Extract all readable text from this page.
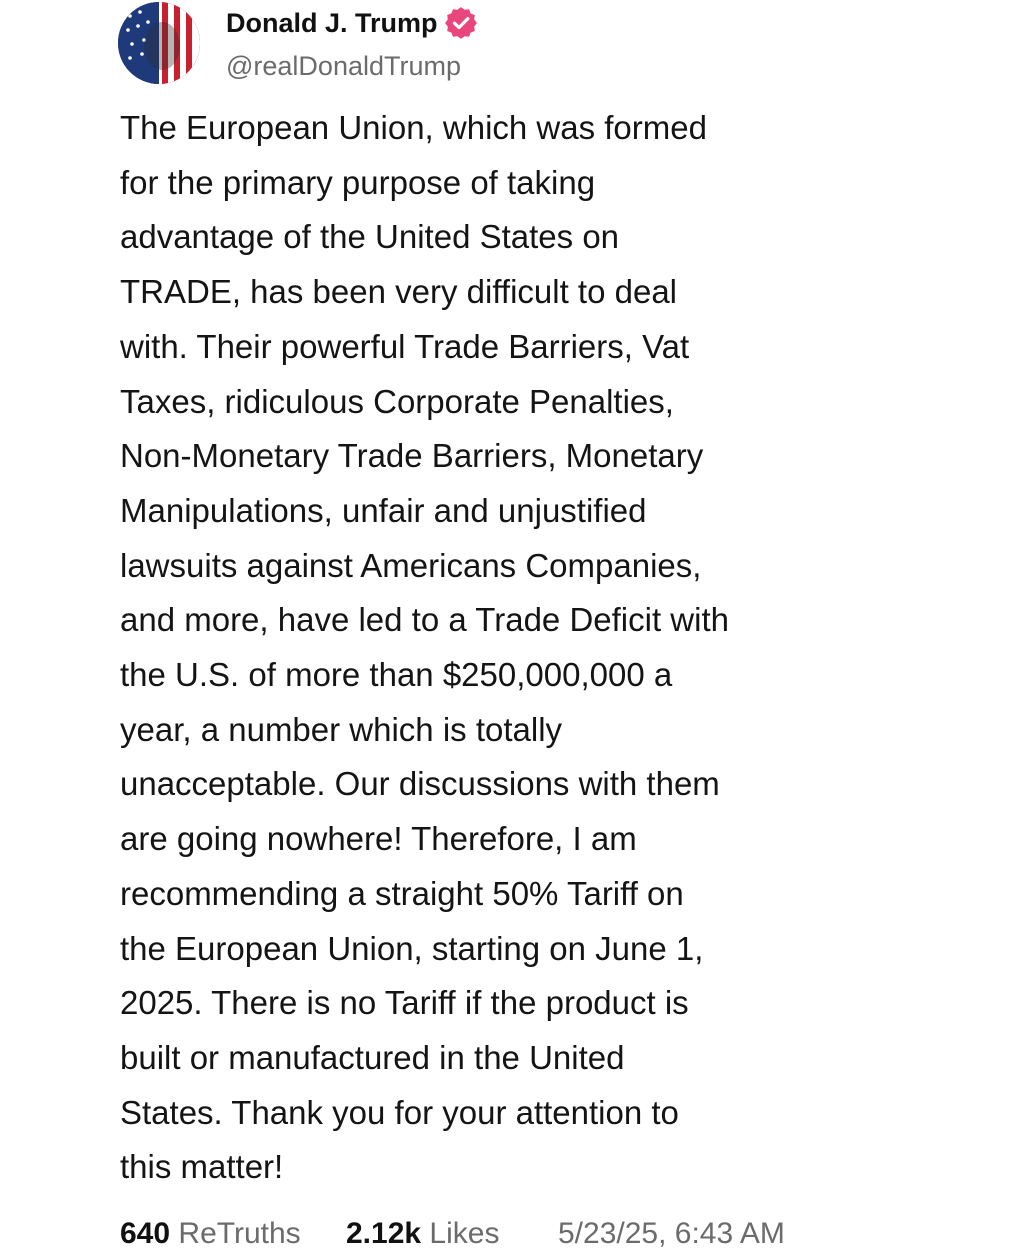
Donald J. Trump
@realDonaldTrump
The European Union, which was formed
for the primary purpose of taking
advantage of the United States on
TRADE, has been very difficult to deal
with. Their powerful Trade Barriers, Vat
Taxes, ridiculous Corporate Penalties,
Non-Monetary Trade Barriers, Monetary
Manipulations, unfair and unjustified
lawsuits against Americans Companies,
and more, have led to a Trade Deficit with
the U.S. of more than $250,000,000 a
year, a number which is totally
unacceptable. Our discussions with them
are going nowhere! Therefore, I am
recommending a straight 50% Tariff on
the European Union, starting on June 1,
2025. There is no Tariff if the product is
built or manufactured in the United
States. Thank you for your attention to
this matter!
640 ReTruths 2.12k Likes 5/23/25, 6:43 AM
